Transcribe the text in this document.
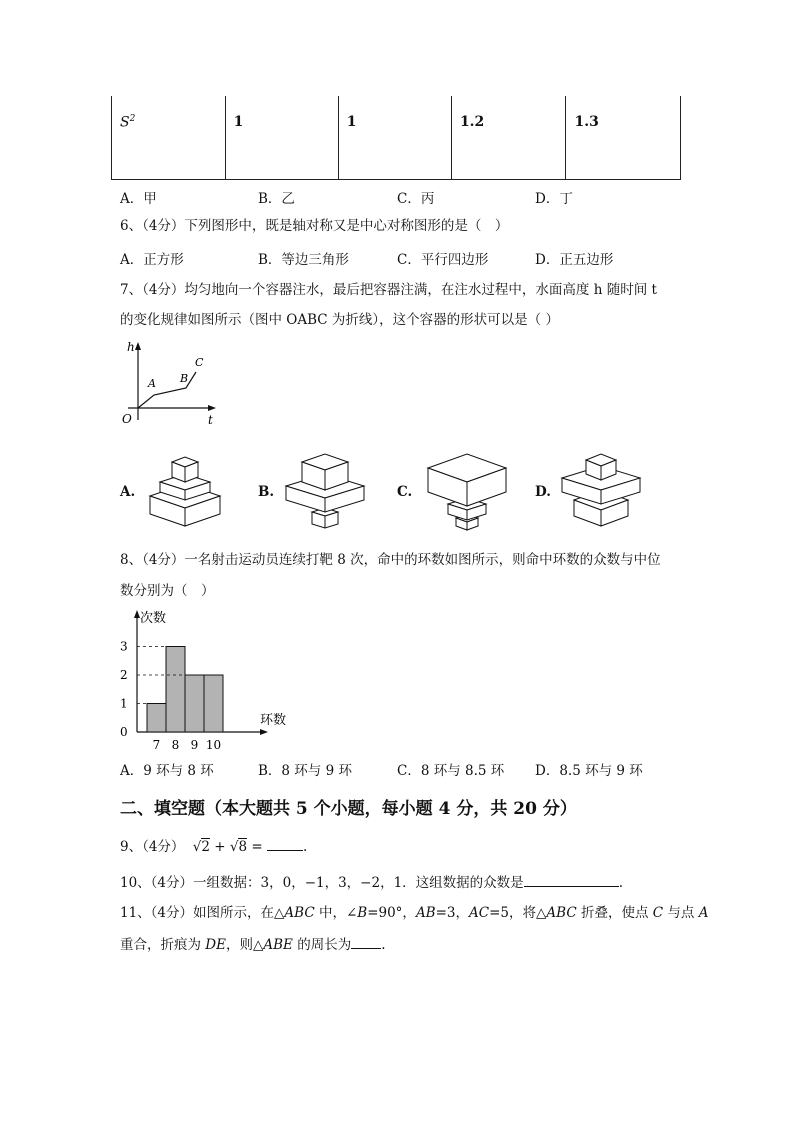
$S^2$	1	1	1.2	1.3
A．甲	B．乙	C．丙	D．丁
6、（4分）下列图形中，既是轴对称又是中心对称图形的是（　）
A．正方形	B．等边三角形	C．平行四边形	D．正五边形
7、（4分）均匀地向一个容器注水，最后把容器注满，在注水过程中，水面高度 h 随时间 t
的变化规律如图所示（图中 OABC 为折线），这个容器的形状可以是（ ）
h
t
O
A B
C
A.	B.	C.	D.
8、（4分）一名射击运动员连续打靶 8 次，命中的环数如图所示，则命中环数的众数与中位
数分别为（　）
0
1
2
3
7 8 9 10
次数
环数
A．9 环与 8 环	B．8 环与 9 环	C．8 环与 8.5 环 D．8.5 环与 9 环
二、填空题（本大题共 5 个小题，每小题 4 分，共 20 分）
9、（4分） √2 + √8 =	.
10、（4分）一组数据：3，0，−1，3，−2，1．这组数据的众数是	.
11、（4分）如图所示，在△ABC 中，∠B=90°，AB=3，AC=5，将△ABC 折叠，使点 C 与点 A
重合，折痕为 DE，则△ABE 的周长为 .
